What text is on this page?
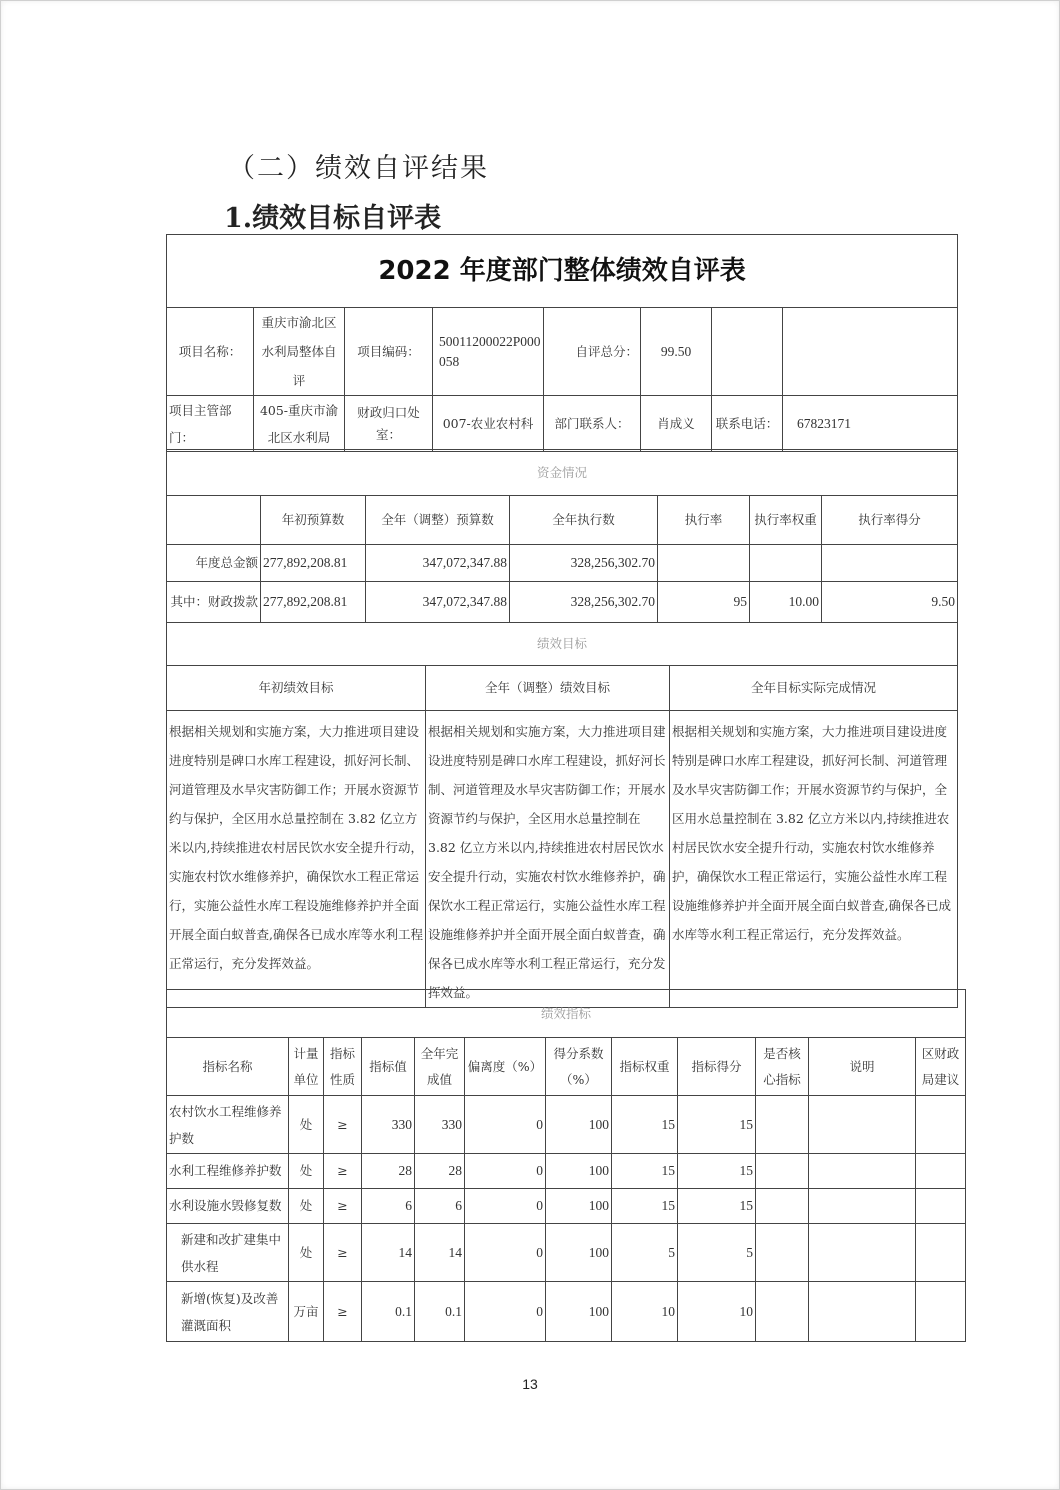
（二）绩效自评结果
1.绩效目标自评表
2022 年度部门整体绩效自评表							
项目名称：	重庆市渝北区水利局整体自评	项目编码：	50011200022P000058	自评总分：	99.50		
项目主管部门：	405-重庆市渝北区水利局	财政归口处室：	007-农业农村科	部门联系人：	肖成义	联系电话：	67823171
资金情况						
	年初预算数	全年（调整）预算数	全年执行数	执行率	执行率权重	执行率得分
年度总金额	277,892,208.81	347,072,347.88	328,256,302.70			
其中：财政拨款	277,892,208.81	347,072,347.88	328,256,302.70	95	10.00	9.50
绩效目标		
年初绩效目标	全年（调整）绩效目标	全年目标实际完成情况
根据相关规划和实施方案，大力推进项目建设进度特别是碑口水库工程建设，抓好河长制、河道管理及水旱灾害防御工作；开展水资源节约与保护，全区用水总量控制在 3.82 亿立方米以内,持续推进农村居民饮水安全提升行动，实施农村饮水维修养护，确保饮水工程正常运行，实施公益性水库工程设施维修养护并全面开展全面白蚁普查,确保各已成水库等水利工程正常运行，充分发挥效益。	根据相关规划和实施方案，大力推进项目建设进度特别是碑口水库工程建设，抓好河长制、河道管理及水旱灾害防御工作；开展水资源节约与保护，全区用水总量控制在 3.82 亿立方米以内,持续推进农村居民饮水安全提升行动，实施农村饮水维修养护，确保饮水工程正常运行，实施公益性水库工程设施维修养护并全面开展全面白蚁普查，确保各已成水库等水利工程正常运行，充分发挥效益。	根据相关规划和实施方案，大力推进项目建设进度特别是碑口水库工程建设，抓好河长制、河道管理及水旱灾害防御工作；开展水资源节约与保护，全区用水总量控制在 3.82 亿立方米以内,持续推进农村居民饮水安全提升行动，实施农村饮水维修养护，确保饮水工程正常运行，实施公益性水库工程设施维修养护并全面开展全面白蚁普查,确保各已成水库等水利工程正常运行，充分发挥效益。
绩效指标											
指标名称	计量单位	指标性质	指标值	全年完成值	偏离度（%）	得分系数（%）	指标权重	指标得分	是否核心指标	说明	区财政局建议
农村饮水工程维修养护数	处	≥	330	330	0	100	15	15			
水利工程维修养护数	处	≥	28	28	0	100	15	15			
水利设施水毁修复数	处	≥	6	6	0	100	15	15			
新建和改扩建集中供水程	处	≥	14	14	0	100	5	5			
新增(恢复)及改善灌溉面积	万亩	≥	0.1	0.1	0	100	10	10			
13
